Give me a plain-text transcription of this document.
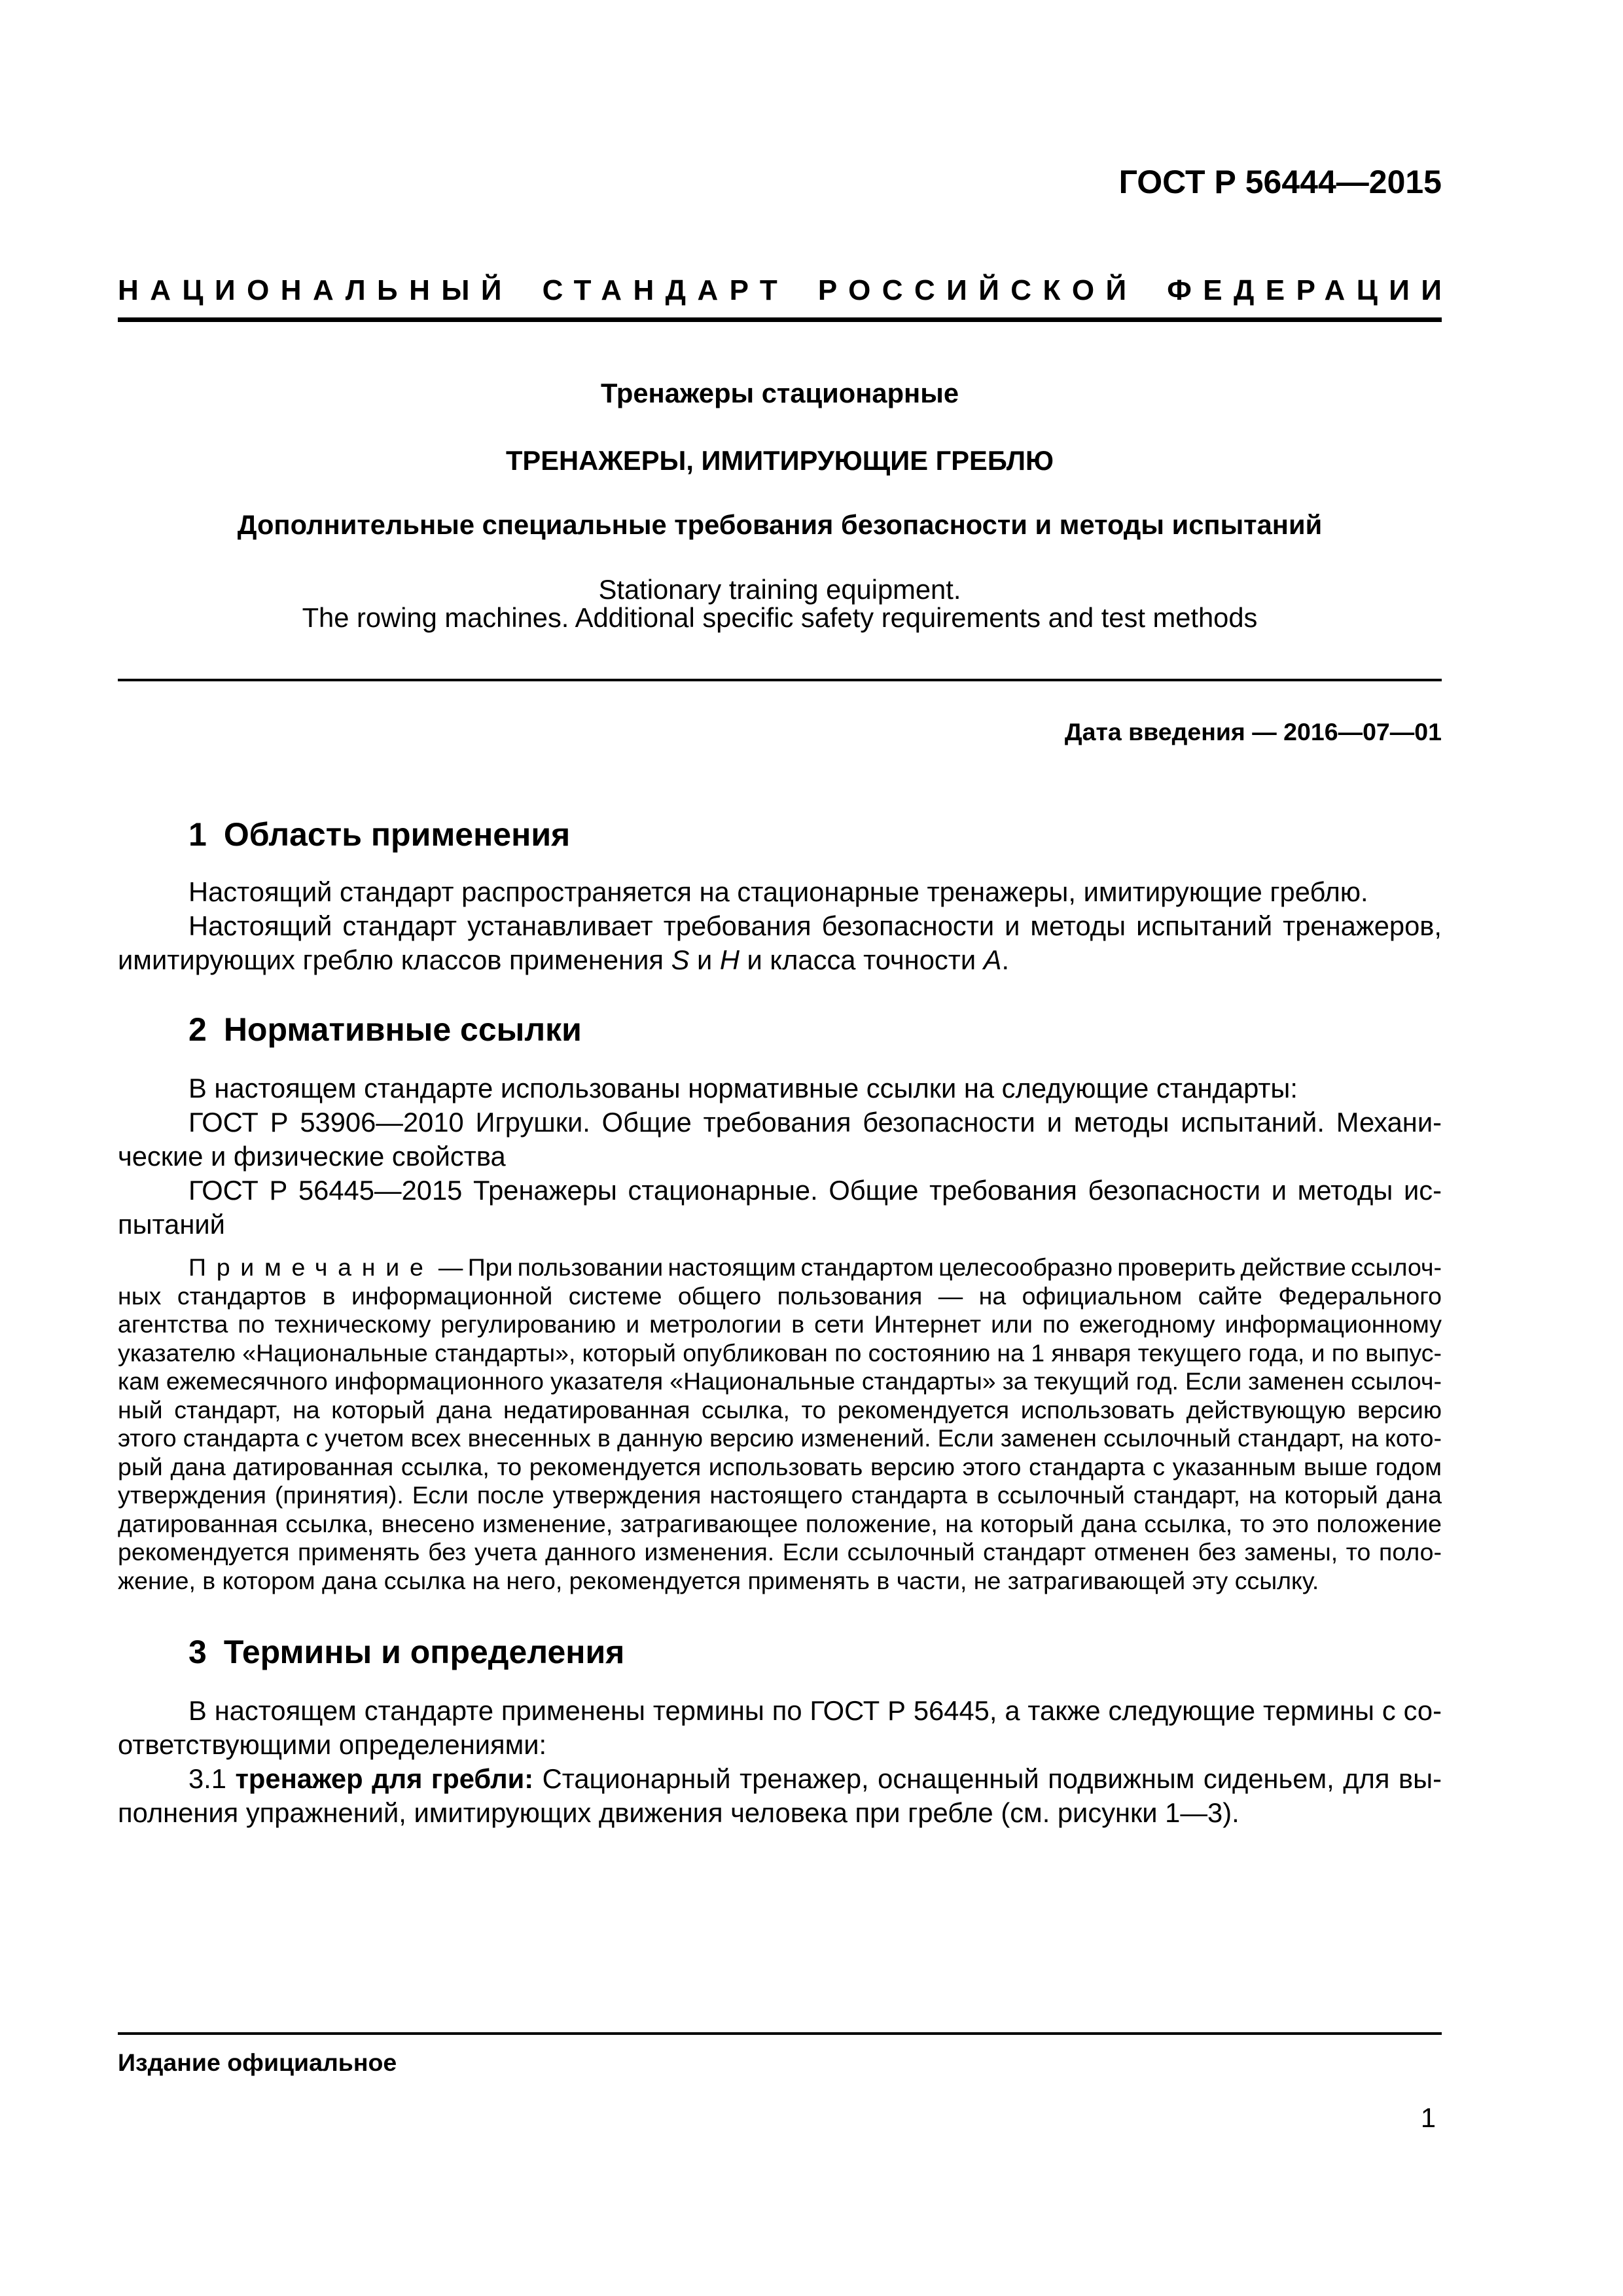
ГОСТ Р 56444—2015
НАЦИОНАЛЬНЫЙ СТАНДАРТ РОССИЙСКОЙ ФЕДЕРАЦИИ
Тренажеры стационарные
ТРЕНАЖЕРЫ, ИМИТИРУЮЩИЕ ГРЕБЛЮ
Дополнительные специальные требования безопасности и методы испытаний
Stationary training equipment.
The rowing machines. Additional specific safety requirements and test methods
Дата введения — 2016—07—01
1 Область применения
Настоящий стандарт распространяется на стационарные тренажеры, имитирующие греблю.
Настоящий стандарт устанавливает требования безопасности и методы испытаний тренажеров,
имитирующих греблю классов применения S и H и класса точности A.
2 Нормативные ссылки
В настоящем стандарте использованы нормативные ссылки на следующие стандарты:
ГОСТ Р 53906—2010 Игрушки. Общие требования безопасности и методы испытаний. Механи-
ческие и физические свойства
ГОСТ Р 56445—2015 Тренажеры стационарные. Общие требования безопасности и методы ис-
пытаний
Примечание — При пользовании настоящим стандартом целесообразно проверить действие ссылоч-
ных стандартов в информационной системе общего пользования — на официальном сайте Федерального
агентства по техническому регулированию и метрологии в сети Интернет или по ежегодному информационному
указателю «Национальные стандарты», который опубликован по состоянию на 1 января текущего года, и по выпус-
кам ежемесячного информационного указателя «Национальные стандарты» за текущий год. Если заменен ссылоч-
ный стандарт, на который дана недатированная ссылка, то рекомендуется использовать действующую версию
этого стандарта с учетом всех внесенных в данную версию изменений. Если заменен ссылочный стандарт, на кото-
рый дана датированная ссылка, то рекомендуется использовать версию этого стандарта с указанным выше годом
утверждения (принятия). Если после утверждения настоящего стандарта в ссылочный стандарт, на который дана
датированная ссылка, внесено изменение, затрагивающее положение, на который дана ссылка, то это положение
рекомендуется применять без учета данного изменения. Если ссылочный стандарт отменен без замены, то поло-
жение, в котором дана ссылка на него, рекомендуется применять в части, не затрагивающей эту ссылку.
3 Термины и определения
В настоящем стандарте применены термины по ГОСТ Р 56445, а также следующие термины с со-
ответствующими определениями:
3.1 тренажер для гребли: Стационарный тренажер, оснащенный подвижным сиденьем, для вы-
полнения упражнений, имитирующих движения человека при гребле (см. рисунки 1—3).
Издание официальное
1
